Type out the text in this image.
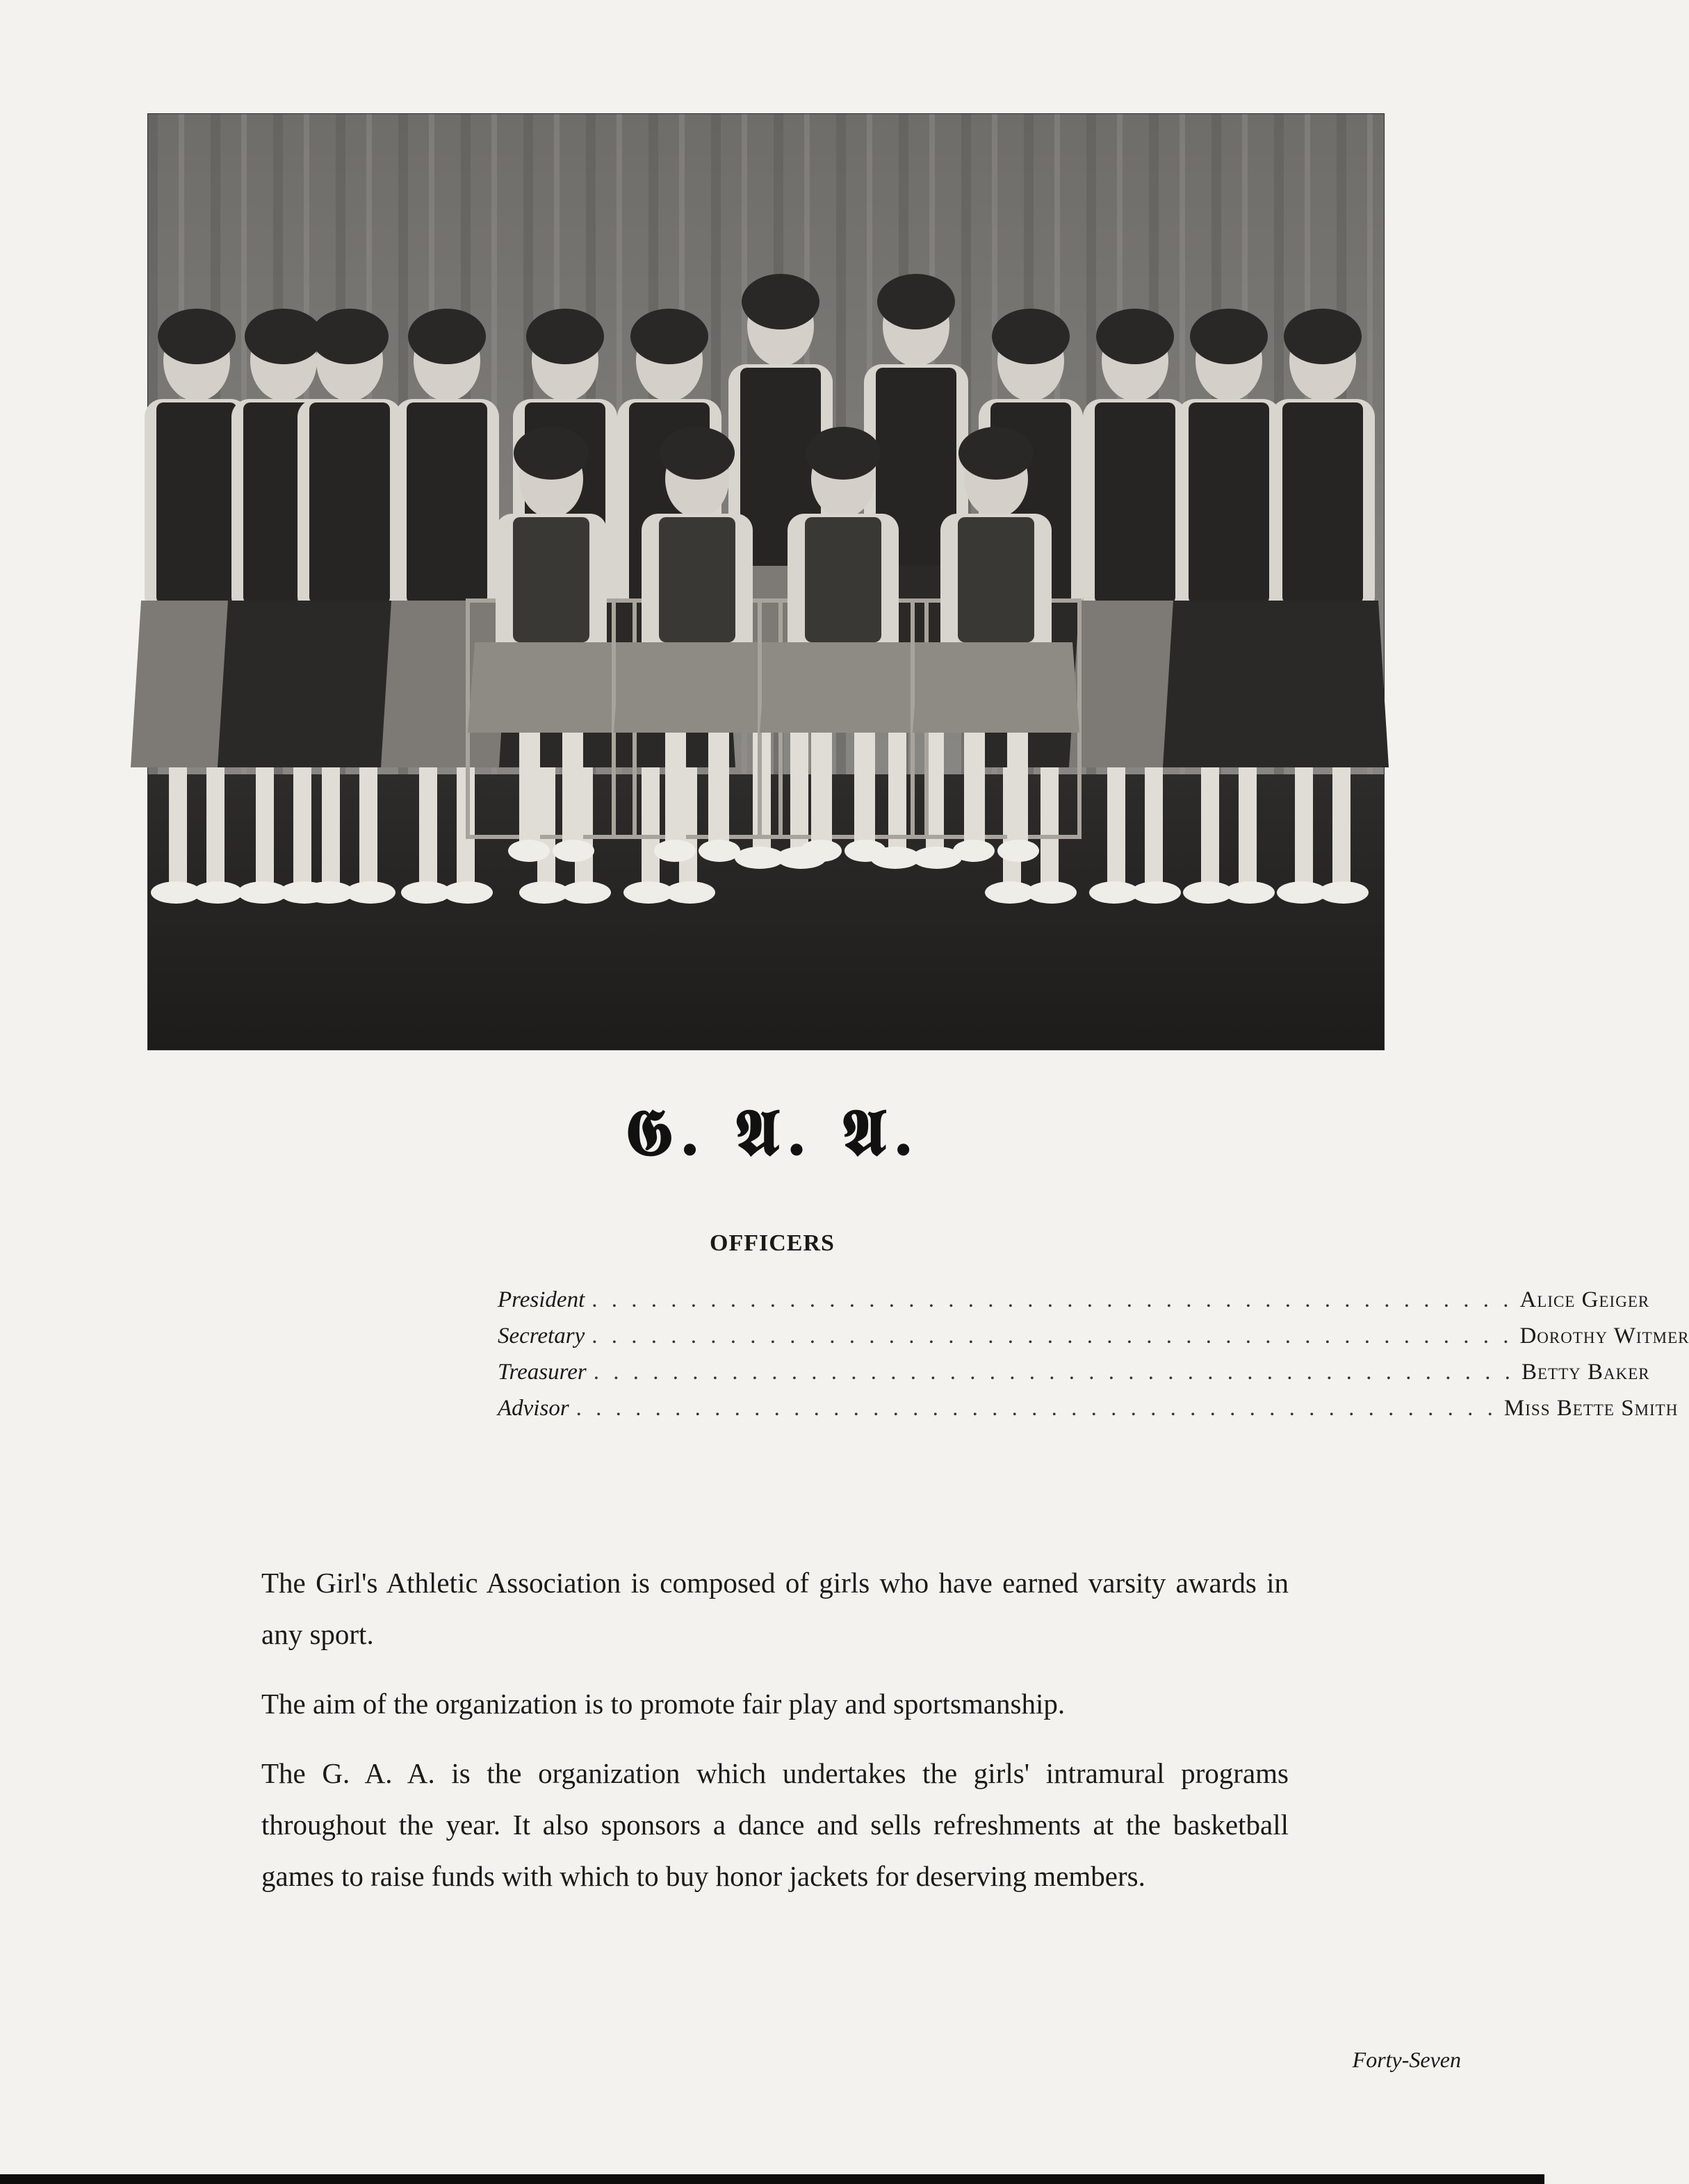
𝕲. 𝕬. 𝕬.
OFFICERS
President . . . . . . . . . . . . . . . . . . . . . . . . . . . . . . . . . . . . . . . . . . . . . . . Alice Geiger
Secretary . . . . . . . . . . . . . . . . . . . . . . . . . . . . . . . . . . . . . . . . . . . . . . . Dorothy Witmer
Treasurer . . . . . . . . . . . . . . . . . . . . . . . . . . . . . . . . . . . . . . . . . . . . . . . Betty Baker
Advisor . . . . . . . . . . . . . . . . . . . . . . . . . . . . . . . . . . . . . . . . . . . . . . . Miss Bette Smith

The Girl's Athletic Association is composed of girls who have earned varsity awards in any sport.

The aim of the organization is to promote fair play and sportsmanship.

The G. A. A. is the organization which undertakes the girls' intramural programs throughout the year. It also sponsors a dance and sells refreshments at the basketball games to raise funds with which to buy honor jackets for deserving members.

Forty-Seven
